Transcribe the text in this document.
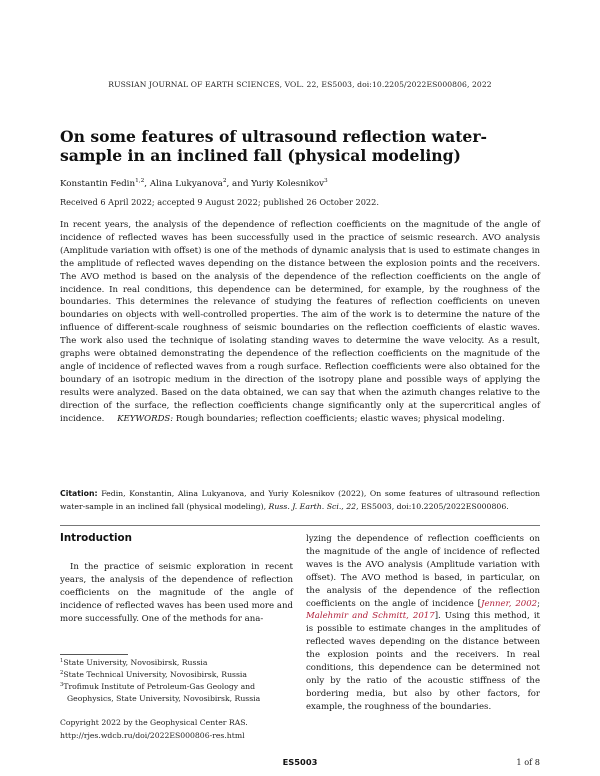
RUSSIAN JOURNAL OF EARTH SCIENCES, VOL. 22, ES5003, doi:10.2205/2022ES000806, 2022
On some features of ultrasound reflection water-sample in an inclined fall (physical modeling)
Konstantin Fedin$^{1,2}$, Alina Lukyanova$^2$, and Yuriy Kolesnikov$^3$
Received 6 April 2022; accepted 9 August 2022; published 26 October 2022.
In recent years, the analysis of the dependence of reflection coefficients on the magnitude of the angle of incidence of reflected waves has been successfully used in the practice of seismic research. AVO analysis (Amplitude variation with offset) is one of the methods of dynamic analysis that is used to estimate changes in the amplitude of reflected waves depending on the distance between the explosion points and the receivers. The AVO method is based on the analysis of the dependence of the reflection coefficients on the angle of incidence. In real conditions, this dependence can be determined, for example, by the roughness of the boundaries. This determines the relevance of studying the features of reflection coefficients on uneven boundaries on objects with well-controlled properties. The aim of the work is to determine the nature of the influence of different-scale roughness of seismic boundaries on the reflection coefficients of elastic waves. The work also used the technique of isolating standing waves to determine the wave velocity. As a result, graphs were obtained demonstrating the dependence of the reflection coefficients on the magnitude of the angle of incidence of reflected waves from a rough surface. Reflection coefficients were also obtained for the boundary of an isotropic medium in the direction of the isotropy plane and possible ways of applying the results were analyzed. Based on the data obtained, we can say that when the azimuth changes relative to the direction of the surface, the reflection coefficients change significantly only at the supercritical angles of incidence. KEYWORDS: Rough boundaries; reflection coefficients; elastic waves; physical modeling.
Citation: Fedin, Konstantin, Alina Lukyanova, and Yuriy Kolesnikov (2022), On some features of ultrasound reflection water-sample in an inclined fall (physical modeling), Russ. J. Earth. Sci., 22, ES5003, doi:10.2205/2022ES000806.
Introduction

In the practice of seismic exploration in recent years, the analysis of the dependence of reflection coefficients on the magnitude of the angle of incidence of reflected waves has been used more and more successfully. One of the methods for ana-

lyzing the dependence of reflection coefficients on the magnitude of the angle of incidence of reflected waves is the AVO analysis (Amplitude variation with offset). The AVO method is based, in particular, on the analysis of the dependence of the reflection coefficients on the angle of incidence [Jenner, 2002; Malehmir and Schmitt, 2017]. Using this method, it is possible to estimate changes in the amplitudes of reflected waves depending on the distance between the explosion points and the receivers. In real conditions, this dependence can be determined not only by the ratio of the acoustic stiffness of the bordering media, but also by other factors, for example, the roughness of the boundaries.

$^1$State University, Novosibirsk, Russia

$^2$State Technical University, Novosibirsk, Russia

$^3$Trofimuk Institute of Petroleum-Gas Geology and Geophysics, State University, Novosibirsk, Russia

Copyright 2022 by the Geophysical Center RAS.
http://rjes.wdcb.ru/doi/2022ES000806-res.html
ES5003	1 of 8
